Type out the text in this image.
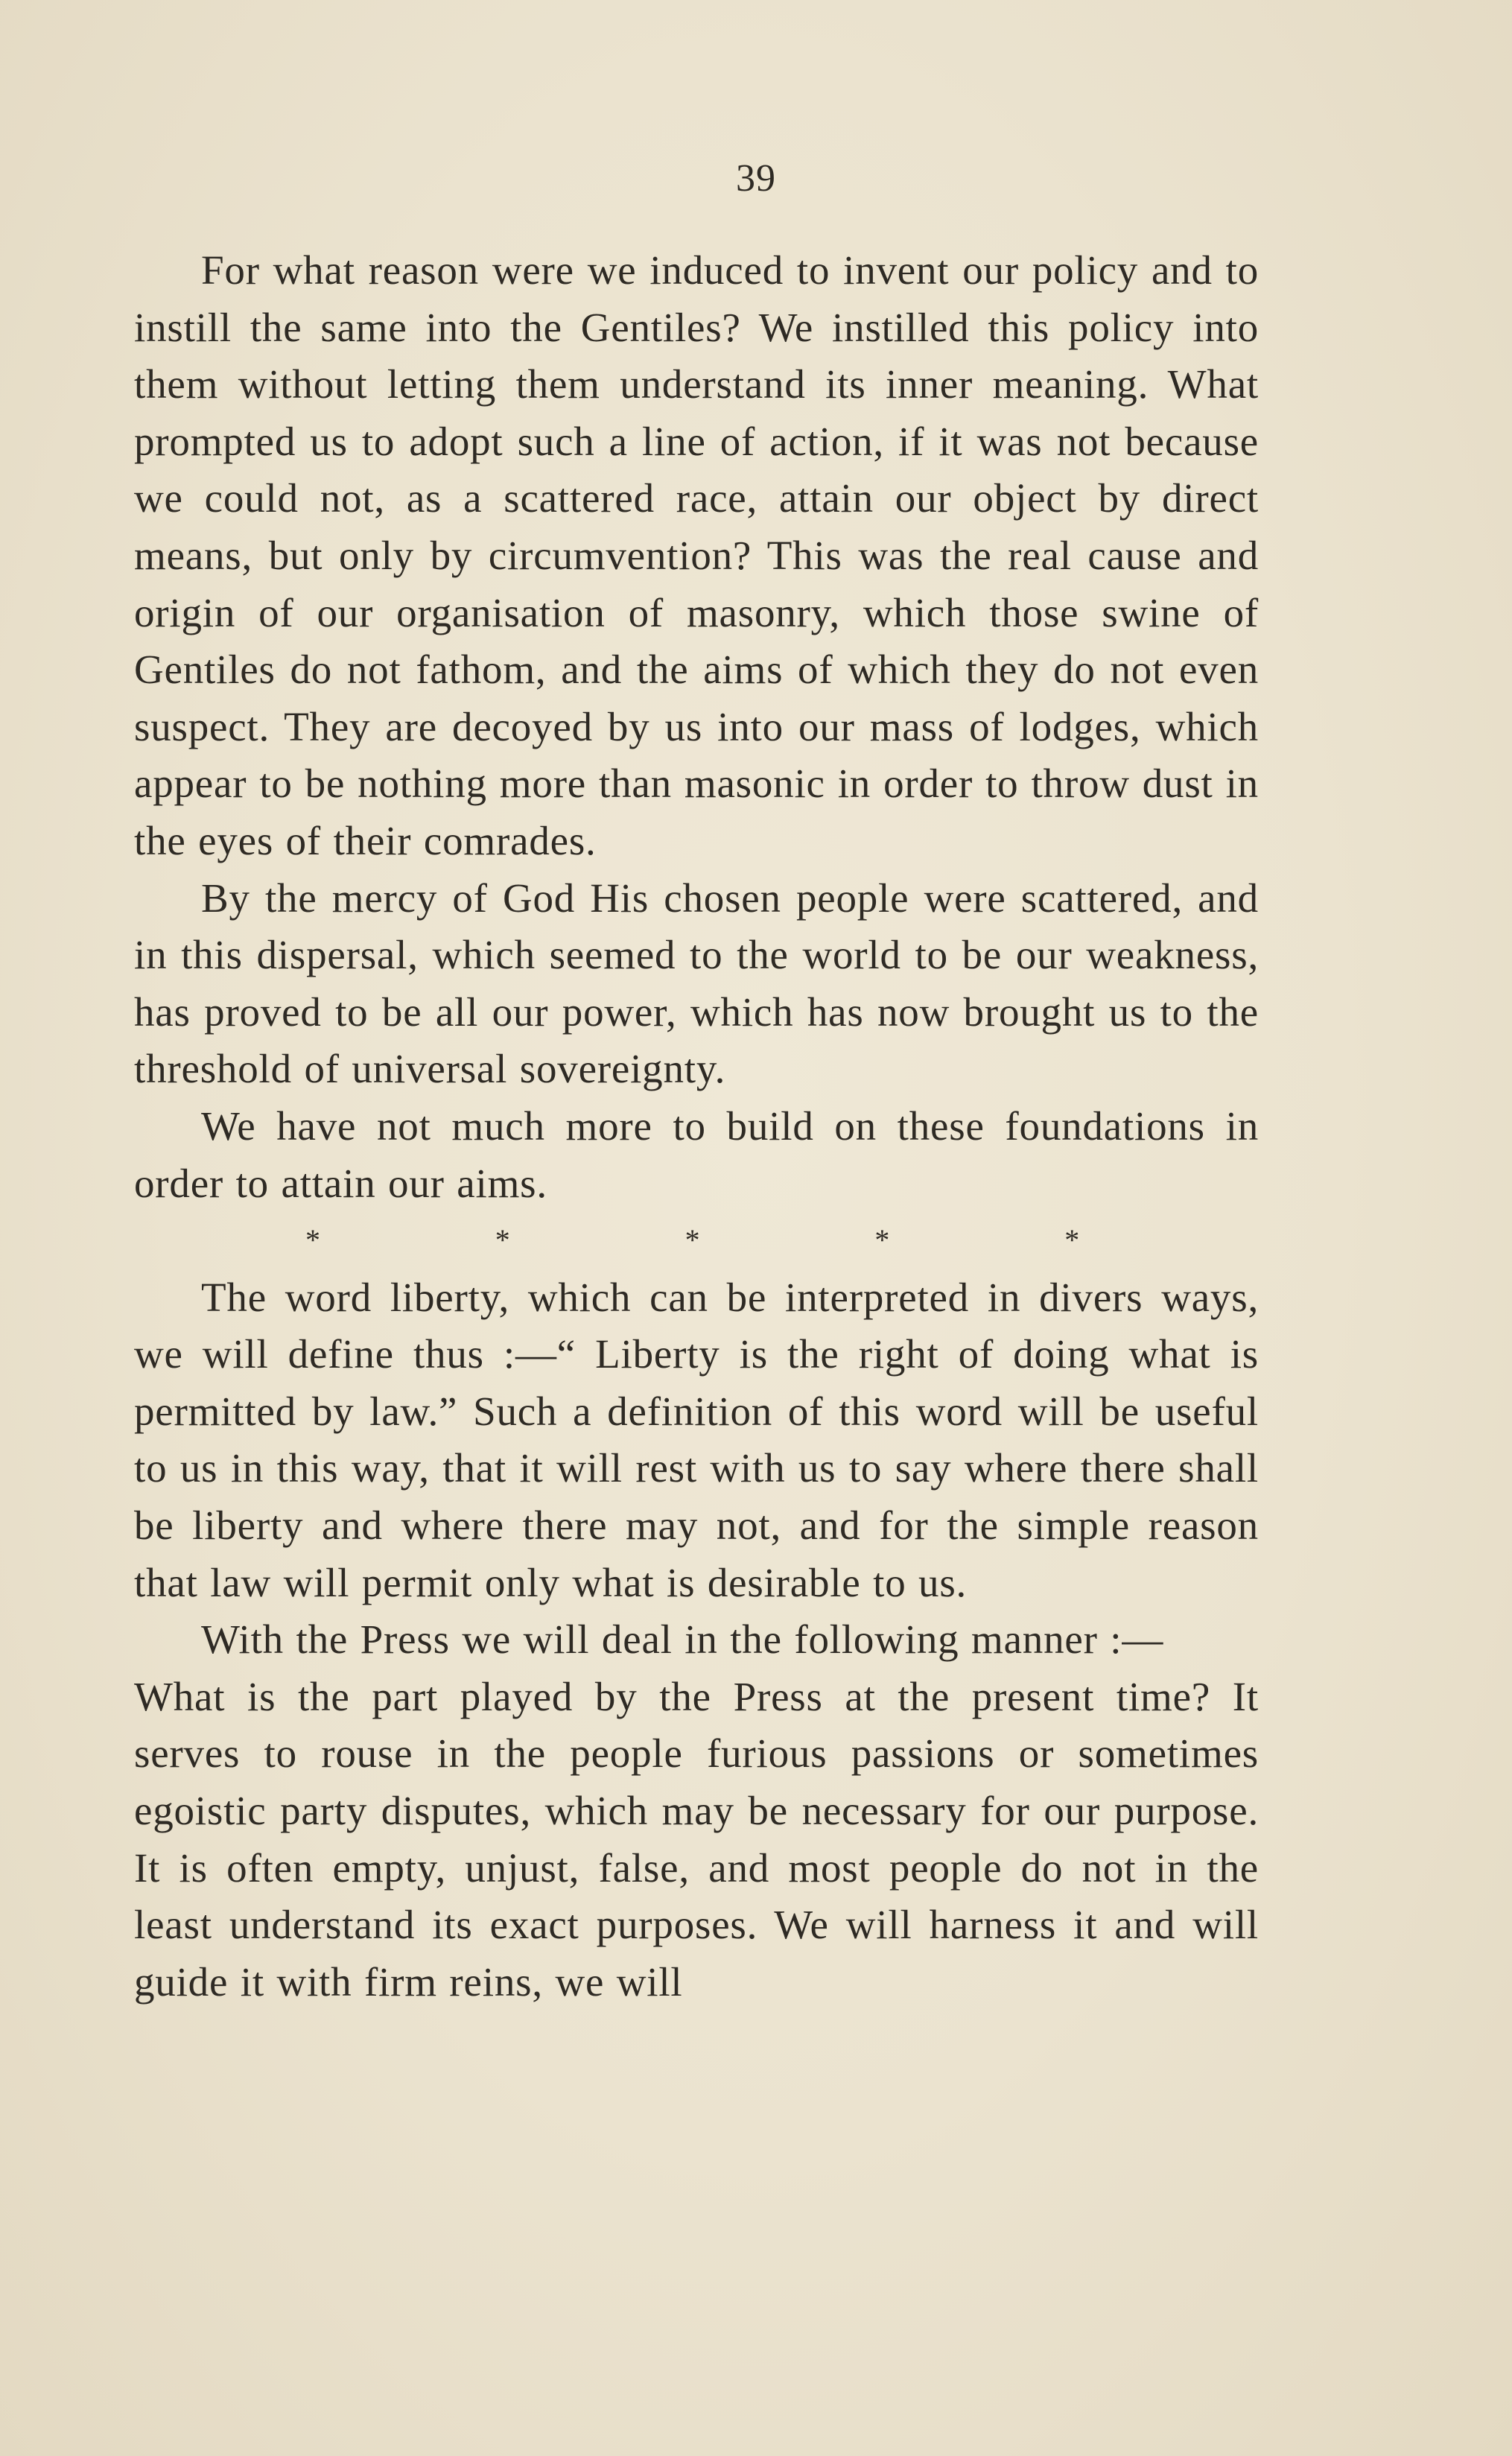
39

For what reason were we induced to invent our policy and to instill the same into the Gentiles? We instilled this policy into them without letting them understand its inner meaning. What prompted us to adopt such a line of action, if it was not because we could not, as a scattered race, attain our object by direct means, but only by circumvention? This was the real cause and origin of our organisation of masonry, which those swine of Gentiles do not fathom, and the aims of which they do not even suspect. They are decoyed by us into our mass of lodges, which appear to be nothing more than masonic in order to throw dust in the eyes of their comrades.

By the mercy of God His chosen people were scattered, and in this dispersal, which seemed to the world to be our weakness, has proved to be all our power, which has now brought us to the threshold of universal sovereignty.

We have not much more to build on these foundations in order to attain our aims.

*	*	*	*	*

The word liberty, which can be interpreted in divers ways, we will define thus :—“ Liberty is the right of doing what is permitted by law.” Such a definition of this word will be useful to us in this way, that it will rest with us to say where there shall be liberty and where there may not, and for the simple reason that law will permit only what is desirable to us.

With the Press we will deal in the following manner :—

What is the part played by the Press at the present time? It serves to rouse in the people furious passions or sometimes egoistic party disputes, which may be necessary for our purpose. It is often empty, unjust, false, and most people do not in the least understand its exact purposes. We will harness it and will guide it with firm reins, we will
